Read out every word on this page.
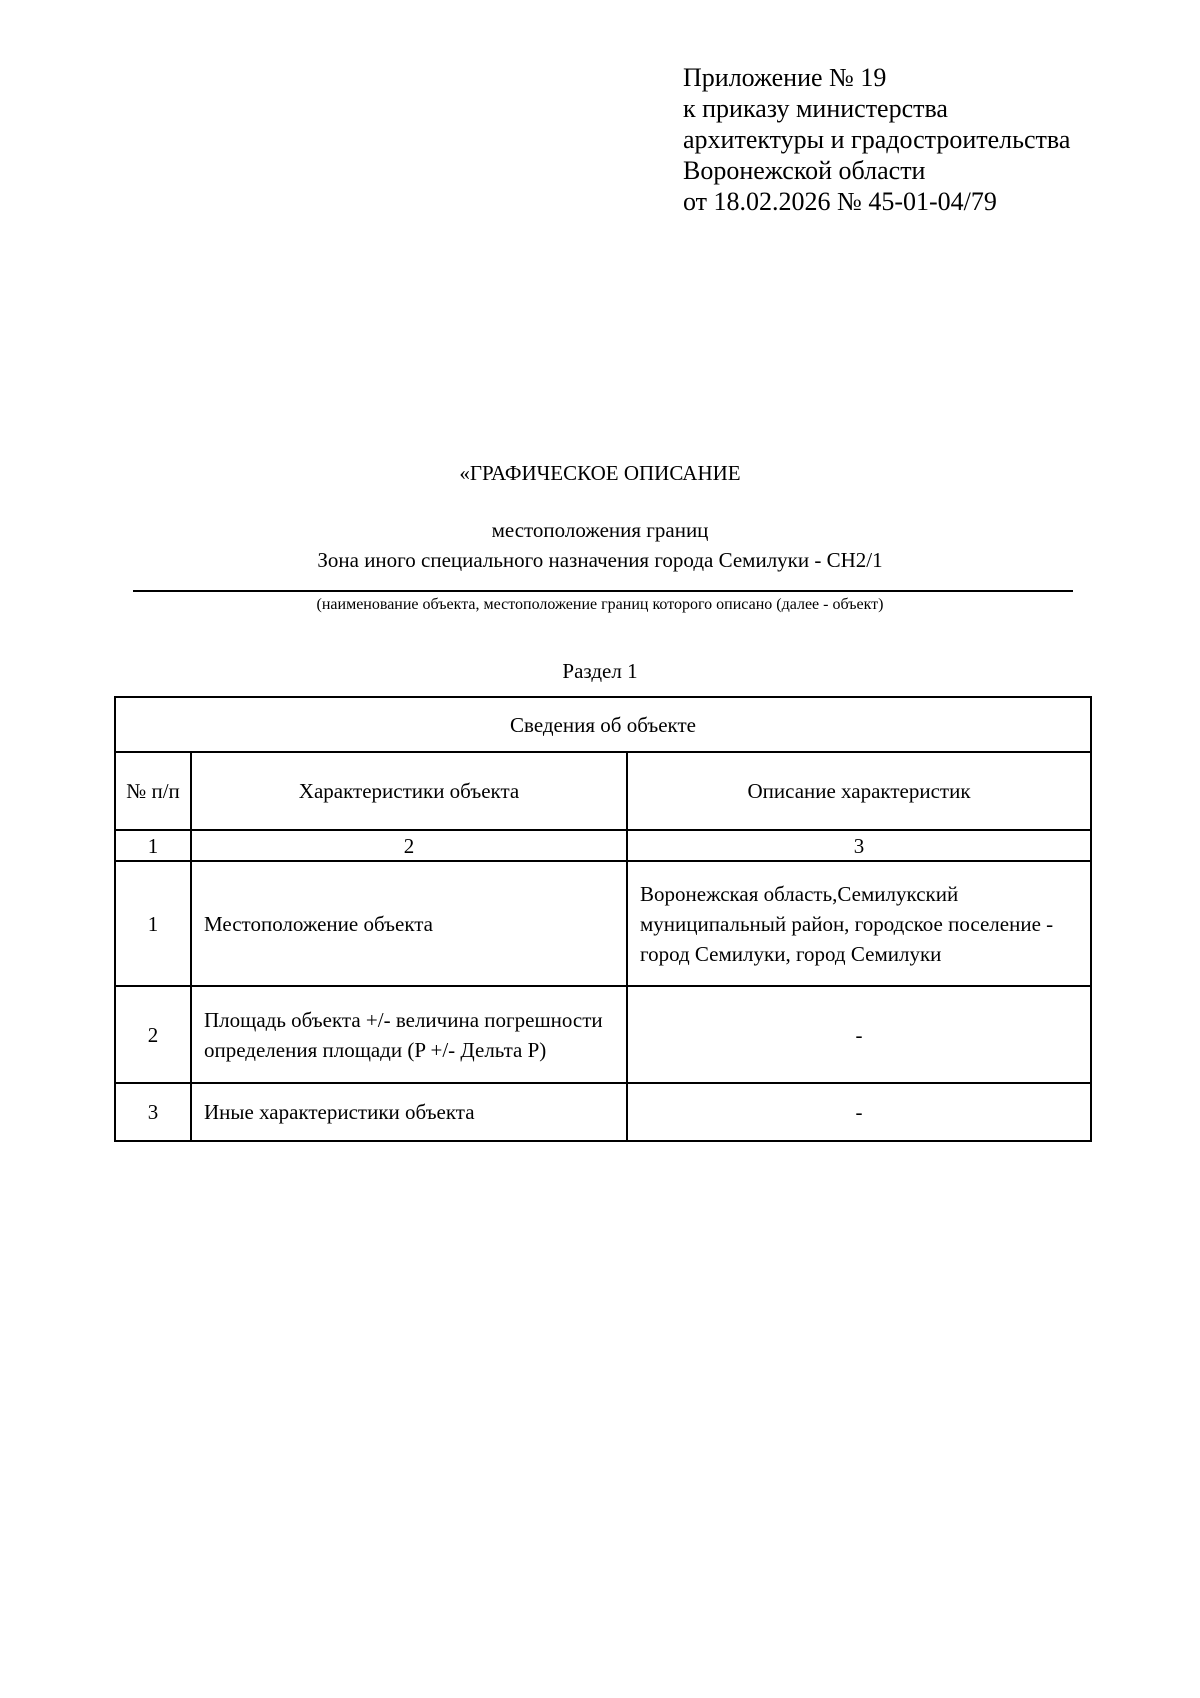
Приложение № 19
к приказу министерства
архитектуры и градостроительства
Воронежской области
от 18.02.2026 № 45-01-04/79
«ГРАФИЧЕСКОЕ ОПИСАНИЕ
местоположения границ
Зона иного специального назначения города Семилуки - СН2/1
(наименование объекта, местоположение границ которого описано (далее - объект)
Раздел 1
Сведения об объекте		
№ п/п	Характеристики объекта	Описание характеристик
1	2	3
1	Местоположение объекта	Воронежская область,Семилукский муниципальный район, городское поселение - город Семилуки, город Семилуки
2	Площадь объекта +/- величина погрешности определения площади (P +/- Дельта P)	-
3	Иные характеристики объекта	-
